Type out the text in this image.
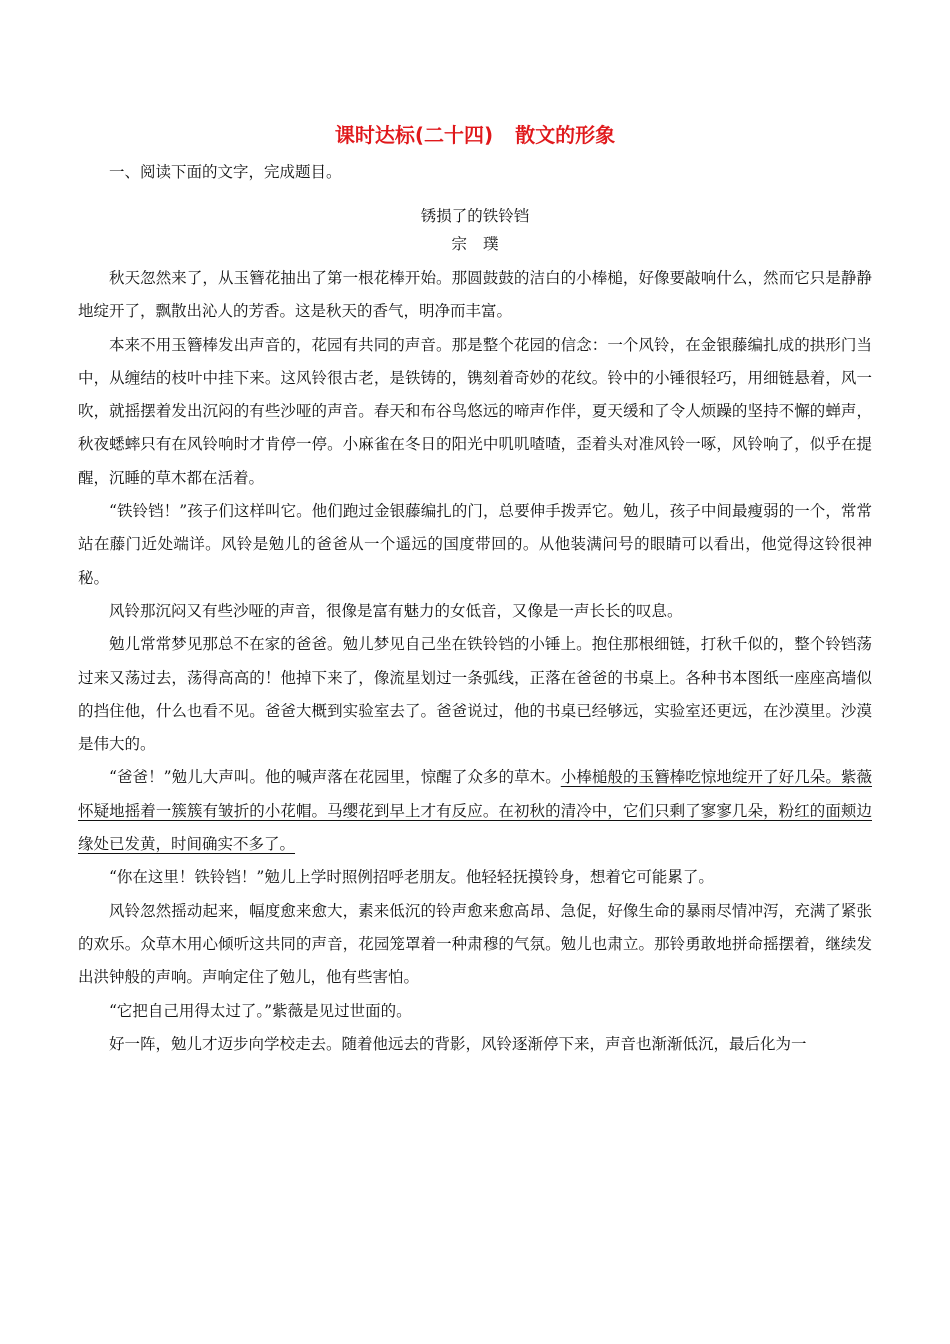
课时达标(二十四) 散文的形象

一、阅读下面的文字，完成题目。

锈损了的铁铃铛

宗璞

秋天忽然来了，从玉簪花抽出了第一根花棒开始。那圆鼓鼓的洁白的小棒槌，好像要敲响什么，然而它只是静静地绽开了，飘散出沁人的芳香。这是秋天的香气，明净而丰富。

本来不用玉簪棒发出声音的，花园有共同的声音。那是整个花园的信念：一个风铃，在金银藤编扎成的拱形门当中，从缠结的枝叶中挂下来。这风铃很古老，是铁铸的，镌刻着奇妙的花纹。铃中的小锤很轻巧，用细链悬着，风一吹，就摇摆着发出沉闷的有些沙哑的声音。春天和布谷鸟悠远的啼声作伴，夏天缓和了令人烦躁的坚持不懈的蝉声，秋夜蟋蟀只有在风铃响时才肯停一停。小麻雀在冬日的阳光中叽叽喳喳，歪着头对准风铃一啄，风铃响了，似乎在提醒，沉睡的草木都在活着。

“铁铃铛！”孩子们这样叫它。他们跑过金银藤编扎的门，总要伸手拨弄它。勉儿，孩子中间最瘦弱的一个，常常站在藤门近处端详。风铃是勉儿的爸爸从一个遥远的国度带回的。从他装满问号的眼睛可以看出，他觉得这铃很神秘。

风铃那沉闷又有些沙哑的声音，很像是富有魅力的女低音，又像是一声长长的叹息。

勉儿常常梦见那总不在家的爸爸。勉儿梦见自己坐在铁铃铛的小锤上。抱住那根细链，打秋千似的，整个铃铛荡过来又荡过去，荡得高高的！他掉下来了，像流星划过一条弧线，正落在爸爸的书桌上。各种书本图纸一座座高墙似的挡住他，什么也看不见。爸爸大概到实验室去了。爸爸说过，他的书桌已经够远，实验室还更远，在沙漠里。沙漠是伟大的。

“爸爸！”勉儿大声叫。他的喊声落在花园里，惊醒了众多的草木。小棒槌般的玉簪棒吃惊地绽开了好几朵。紫薇怀疑地摇着一簇簇有皱折的小花帽。马缨花到早上才有反应。在初秋的清冷中，它们只剩了寥寥几朵，粉红的面颊边缘处已发黄，时间确实不多了。

“你在这里！铁铃铛！”勉儿上学时照例招呼老朋友。他轻轻抚摸铃身，想着它可能累了。

风铃忽然摇动起来，幅度愈来愈大，素来低沉的铃声愈来愈高昂、急促，好像生命的暴雨尽情冲泻，充满了紧张的欢乐。众草木用心倾听这共同的声音，花园笼罩着一种肃穆的气氛。勉儿也肃立。那铃勇敢地拼命摇摆着，继续发出洪钟般的声响。声响定住了勉儿，他有些害怕。

“它把自己用得太过了。”紫薇是见过世面的。

好一阵，勉儿才迈步向学校走去。随着他远去的背影，风铃逐渐停下来，声音也渐渐低沉，最后化为一
